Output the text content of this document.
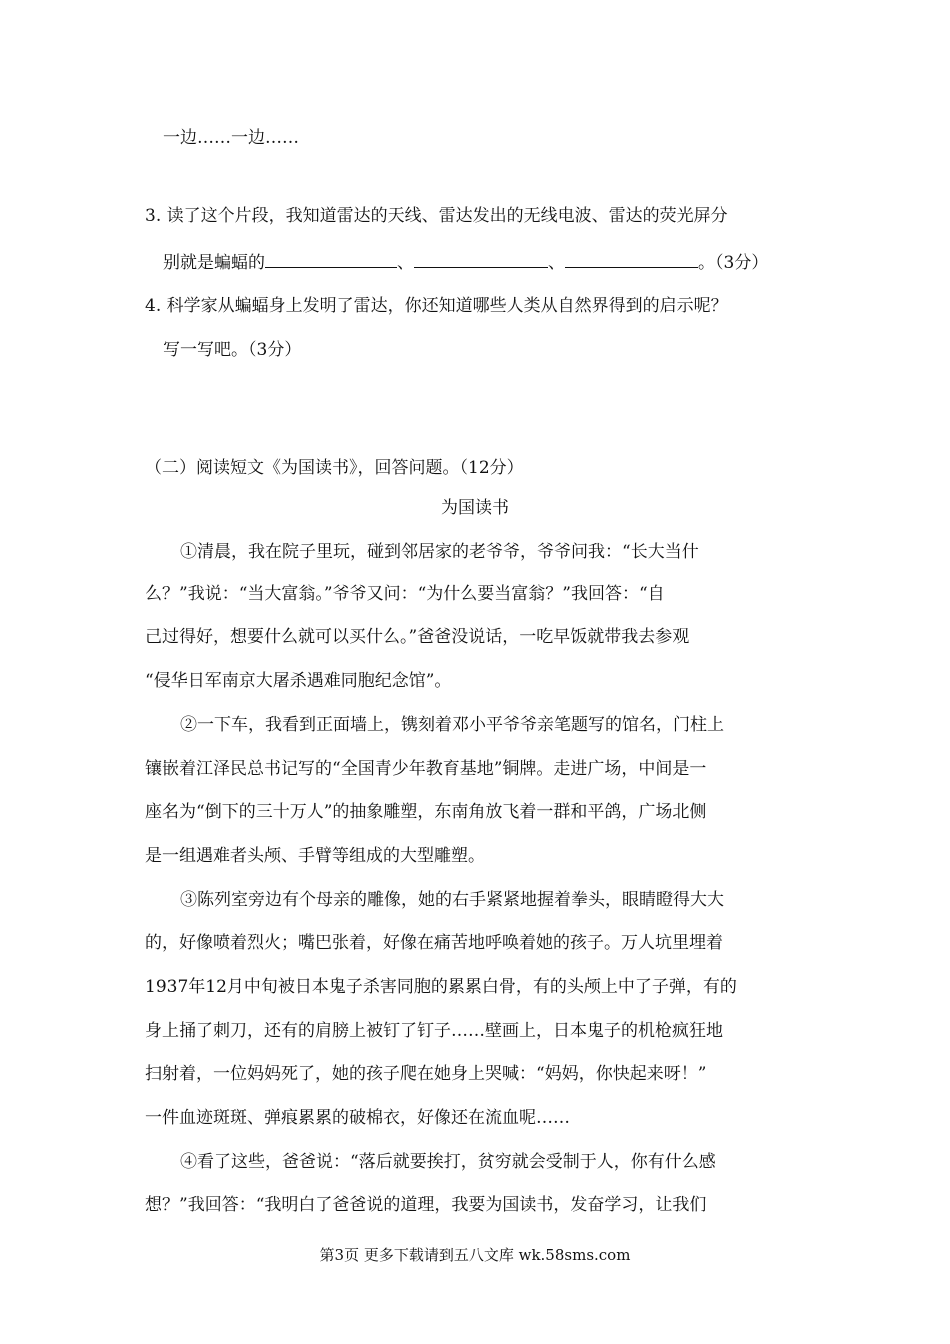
一边……一边……
3. 读了这个片段，我知道雷达的天线、雷达发出的无线电波、雷达的荧光屏分
别就是蝙蝠的	、	、	。（3分）
4. 科学家从蝙蝠身上发明了雷达，你还知道哪些人类从自然界得到的启示呢？
写一写吧。（3分）
（二）阅读短文《为国读书》，回答问题。（12分）
为国读书
①清晨，我在院子里玩，碰到邻居家的老爷爷，爷爷问我：“长大当什
么？”我说：“当大富翁。”爷爷又问：“为什么要当富翁？”我回答：“自
己过得好，想要什么就可以买什么。”爸爸没说话，一吃早饭就带我去参观
“侵华日军南京大屠杀遇难同胞纪念馆”。
②一下车，我看到正面墙上，镌刻着邓小平爷爷亲笔题写的馆名，门柱上
镶嵌着江泽民总书记写的“全国青少年教育基地”铜牌。走进广场，中间是一
座名为“倒下的三十万人”的抽象雕塑，东南角放飞着一群和平鸽，广场北侧
是一组遇难者头颅、手臂等组成的大型雕塑。
③陈列室旁边有个母亲的雕像，她的右手紧紧地握着拳头，眼睛瞪得大大
的，好像喷着烈火；嘴巴张着，好像在痛苦地呼唤着她的孩子。万人坑里埋着
1937年12月中旬被日本鬼子杀害同胞的累累白骨，有的头颅上中了子弹，有的
身上捅了刺刀，还有的肩膀上被钉了钉子……壁画上，日本鬼子的机枪疯狂地
扫射着，一位妈妈死了，她的孩子爬在她身上哭喊：“妈妈，你快起来呀！”
一件血迹斑斑、弹痕累累的破棉衣，好像还在流血呢……
④看了这些，爸爸说：“落后就要挨打，贫穷就会受制于人，你有什么感
想？”我回答：“我明白了爸爸说的道理，我要为国读书，发奋学习，让我们
第3页 更多下载请到五八文库 wk.58sms.com
